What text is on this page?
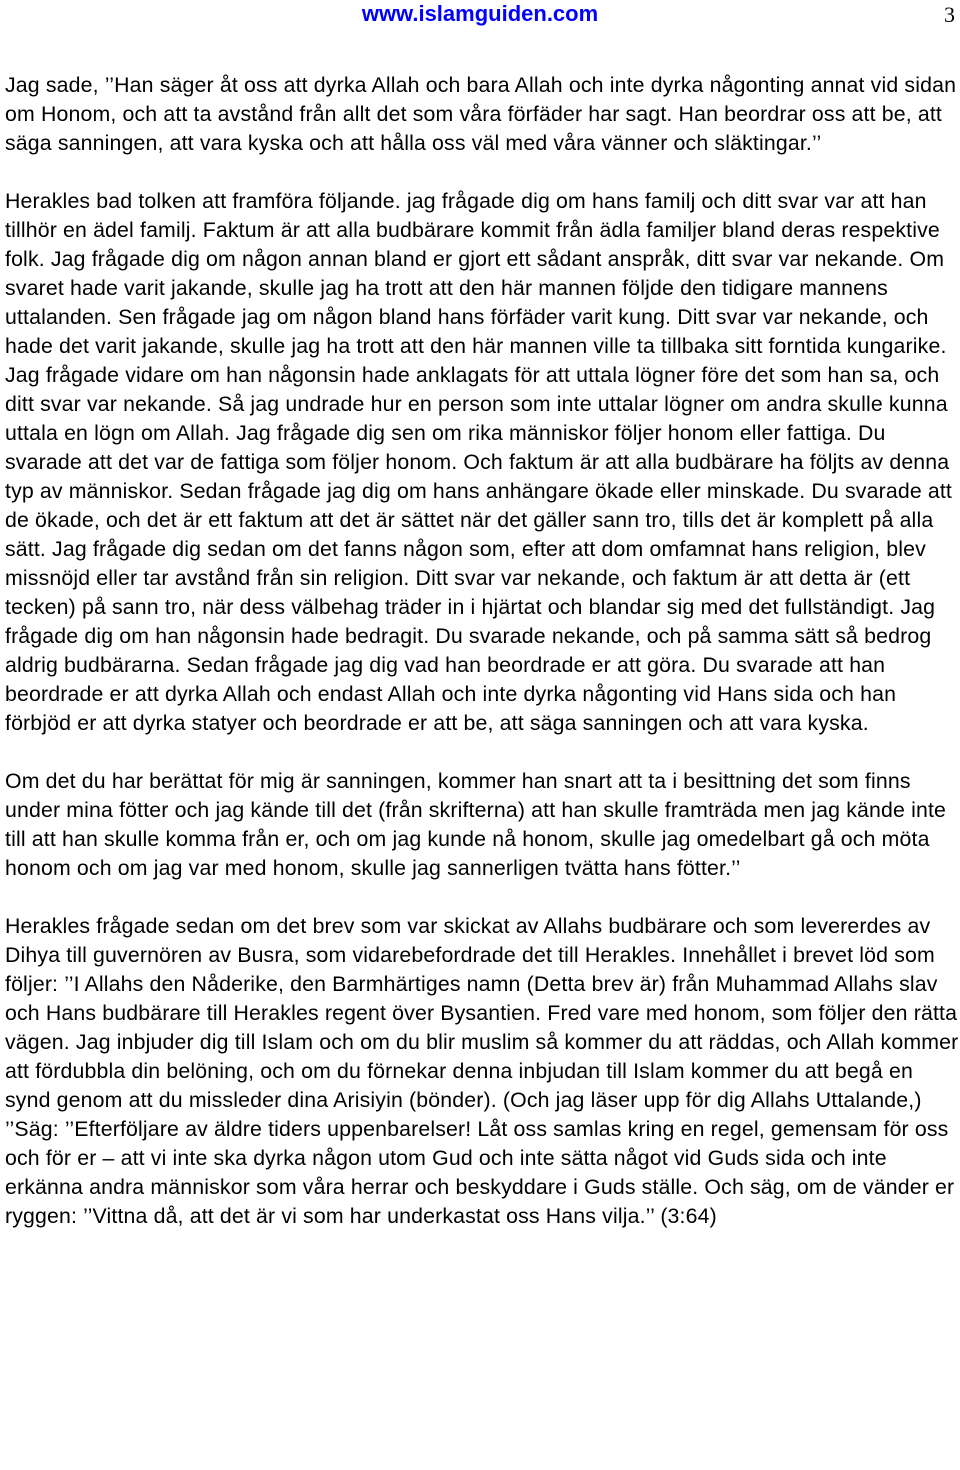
www.islamguiden.com	3

Jag sade, ’’Han säger åt oss att dyrka Allah och bara Allah och inte dyrka någonting annat vid sidan om Honom, och att ta avstånd från allt det som våra förfäder har sagt. Han beordrar oss att be, att säga sanningen, att vara kyska och att hålla oss väl med våra vänner och släktingar.’’

Herakles bad tolken att framföra följande. jag frågade dig om hans familj och ditt svar var att han tillhör en ädel familj. Faktum är att alla budbärare kommit från ädla familjer bland deras respektive folk. Jag frågade dig om någon annan bland er gjort ett sådant anspråk, ditt svar var nekande. Om svaret hade varit jakande, skulle jag ha trott att den här mannen följde den tidigare mannens uttalanden. Sen frågade jag om någon bland hans förfäder varit kung. Ditt svar var nekande, och hade det varit jakande, skulle jag ha trott att den här mannen ville ta tillbaka sitt forntida kungarike. Jag frågade vidare om han någonsin hade anklagats för att uttala lögner före det som han sa, och ditt svar var nekande. Så jag undrade hur en person som inte uttalar lögner om andra skulle kunna uttala en lögn om Allah. Jag frågade dig sen om rika människor följer honom eller fattiga. Du svarade att det var de fattiga som följer honom. Och faktum är att alla budbärare ha följts av denna typ av människor. Sedan frågade jag dig om hans anhängare ökade eller minskade. Du svarade att de ökade, och det är ett faktum att det är sättet när det gäller sann tro, tills det är komplett på alla sätt. Jag frågade dig sedan om det fanns någon som, efter att dom omfamnat hans religion, blev missnöjd eller tar avstånd från sin religion. Ditt svar var nekande, och faktum är att detta är (ett tecken) på sann tro, när dess välbehag träder in i hjärtat och blandar sig med det fullständigt. Jag frågade dig om han någonsin hade bedragit. Du svarade nekande, och på samma sätt så bedrog aldrig budbärarna. Sedan frågade jag dig vad han beordrade er att göra. Du svarade att han beordrade er att dyrka Allah och endast Allah och inte dyrka någonting vid Hans sida och han förbjöd er att dyrka statyer och beordrade er att be, att säga sanningen och att vara kyska.

Om det du har berättat för mig är sanningen, kommer han snart att ta i besittning det som finns under mina fötter och jag kände till det (från skrifterna) att han skulle framträda men jag kände inte till att han skulle komma från er, och om jag kunde nå honom, skulle jag omedelbart gå och möta honom och om jag var med honom, skulle jag sannerligen tvätta hans fötter.’’

Herakles frågade sedan om det brev som var skickat av Allahs budbärare och som levererdes av Dihya till guvernören av Busra, som vidarebefordrade det till Herakles. Innehållet i brevet löd som följer: ’’I Allahs den Nåderike, den Barmhärtiges namn (Detta brev är) från Muhammad Allahs slav och Hans budbärare till Herakles regent över Bysantien. Fred vare med honom, som följer den rätta vägen. Jag inbjuder dig till Islam och om du blir muslim så kommer du att räddas, och Allah kommer att fördubbla din belöning, och om du förnekar denna inbjudan till Islam kommer du att begå en synd genom att du missleder dina Arisiyin (bönder). (Och jag läser upp för dig Allahs Uttalande,) ’’Säg: ’’Efterföljare av äldre tiders uppenbarelser! Låt oss samlas kring en regel, gemensam för oss och för er – att vi inte ska dyrka någon utom Gud och inte sätta något vid Guds sida och inte erkänna andra människor som våra herrar och beskyddare i Guds ställe. Och säg, om de vänder er ryggen: ’’Vittna då, att det är vi som har underkastat oss Hans vilja.’’ (3:64)
